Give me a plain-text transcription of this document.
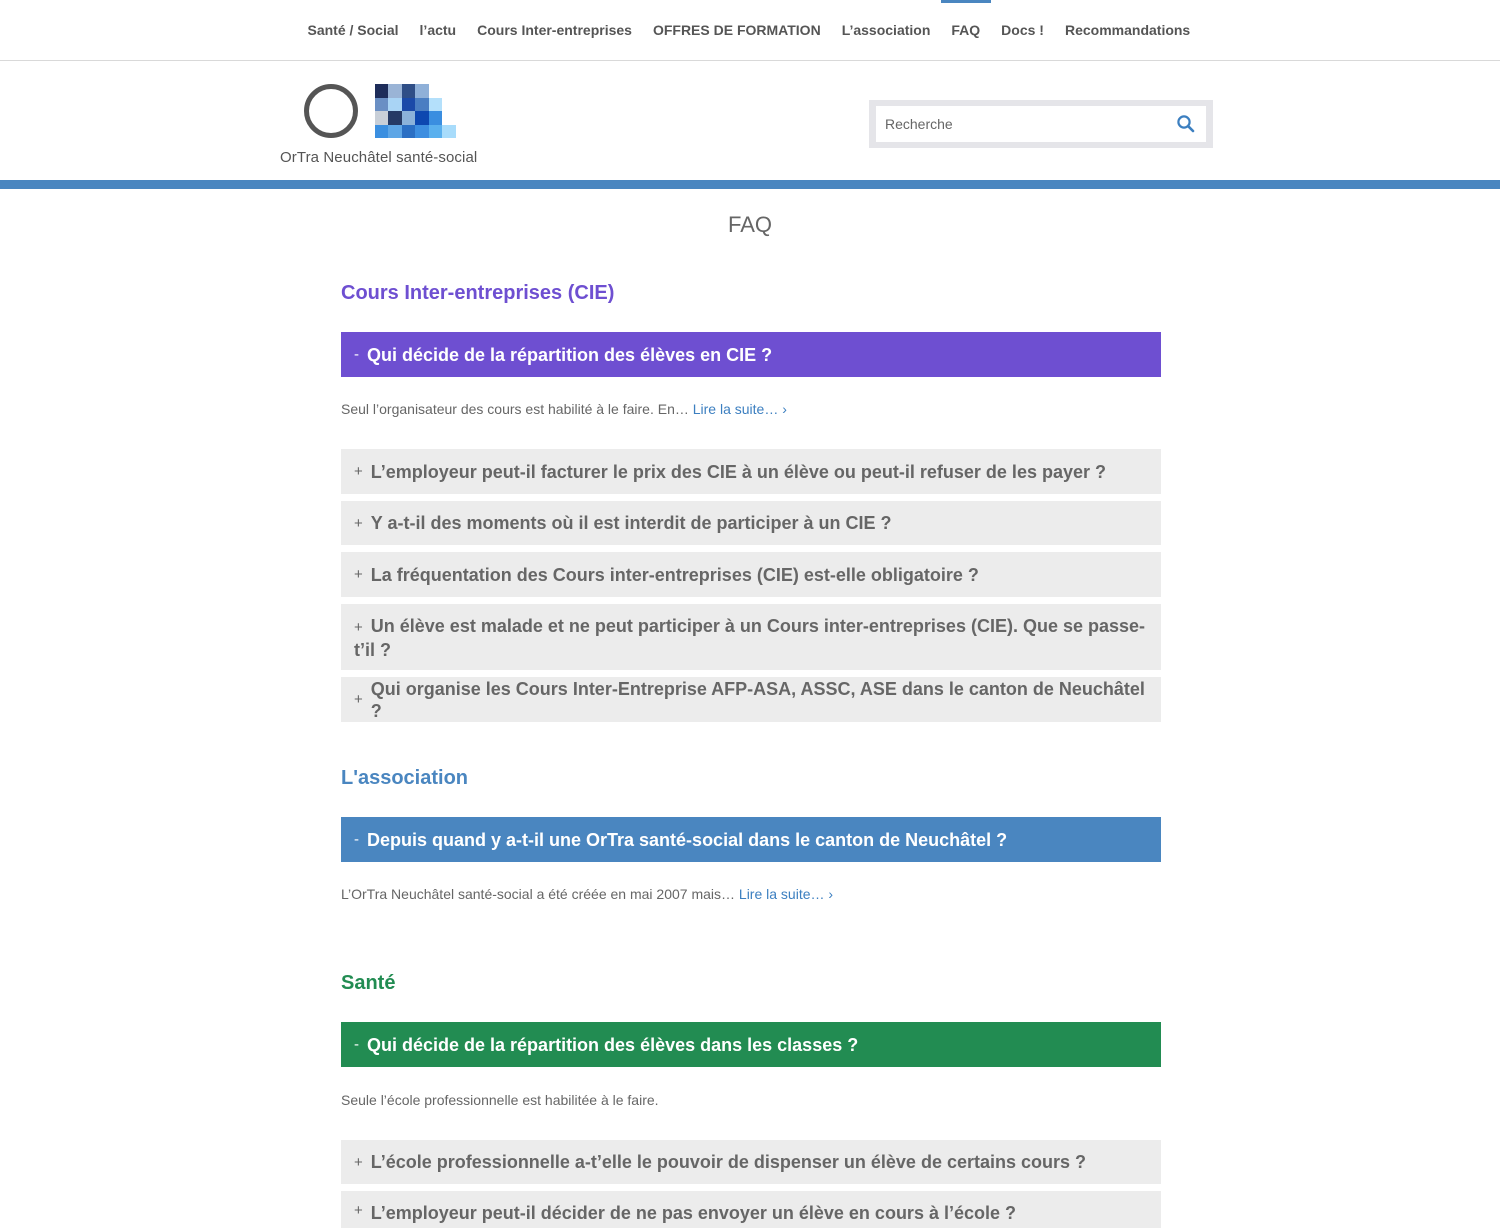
Santé / Social	l’actu	Cours Inter-entreprises	OFFRES DE FORMATION	L’association	FAQ	Docs !	Recommandations
OrTra Neuchâtel santé-social
Recherche
FAQ
Cours Inter-entreprises (CIE)
- Qui décide de la répartition des élèves en CIE ?
Seul l’organisateur des cours est habilité à le faire. En… Lire la suite… ›
+ L’employeur peut-il facturer le prix des CIE à un élève ou peut-il refuser de les payer ?
+ Y a-t-il des moments où il est interdit de participer à un CIE ?
+ La fréquentation des Cours inter-entreprises (CIE) est-elle obligatoire ?
+ Un élève est malade et ne peut participer à un Cours inter-entreprises (CIE). Que se passe-t’il ?
+
Qui organise les Cours Inter-Entreprise AFP-ASA, ASSC, ASE dans le canton de Neuchâtel ?
L'association
- Depuis quand y a-t-il une OrTra santé-social dans le canton de Neuchâtel ?
L’OrTra Neuchâtel santé-social a été créée en mai 2007 mais… Lire la suite… ›
Santé
- Qui décide de la répartition des élèves dans les classes ?
Seule l’école professionnelle est habilitée à le faire.
+ L’école professionnelle a-t’elle le pouvoir de dispenser un élève de certains cours ?
+ L’employeur peut-il décider de ne pas envoyer un élève en cours à l’école ?
